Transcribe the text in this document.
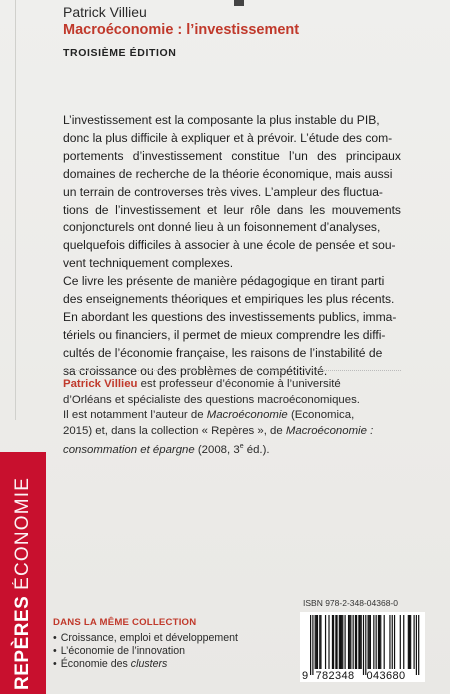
Patrick Villieu
Macroéconomie : l’investissement
TROISIÈME ÉDITION

L’investissement est la composante la plus instable du PIB,
donc la plus difficile à expliquer et à prévoir. L’étude des com-
portements d’investissement constitue l’un des principaux
domaines de recherche de la théorie économique, mais aussi
un terrain de controverses très vives. L’ampleur des fluctua-
tions de l’investissement et leur rôle dans les mouvements
conjoncturels ont donné lieu à un foisonnement d’analyses,
quelquefois difficiles à associer à une école de pensée et sou-
vent techniquement complexes.

Ce livre les présente de manière pédagogique en tirant parti
des enseignements théoriques et empiriques les plus récents.
En abordant les questions des investissements publics, imma-
tériels ou financiers, il permet de mieux comprendre les diffi-
cultés de l’économie française, les raisons de l’instabilité de
sa croissance ou des problèmes de compétitivité.

Patrick Villieu est professeur d’économie à l’université
d’Orléans et spécialiste des questions macroéconomiques.
Il est notamment l’auteur de Macroéconomie (Economica,
2015) et, dans la collection « Repères », de Macroéconomie :
consommation et épargne (2008, 3e éd.).
REPÈRES ÉCONOMIE
DANS LA MÊME COLLECTION
• Croissance, emploi et développement
• L’économie de l’innovation
• Économie des clusters
ISBN 978-2-348-04368-0
9 782348 043680
